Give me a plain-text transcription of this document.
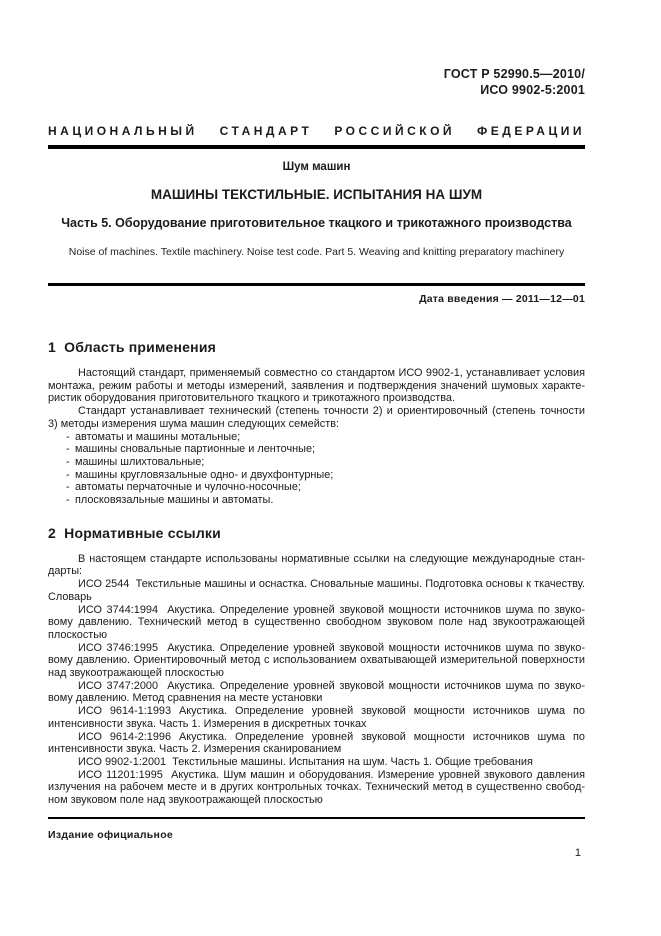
ГОСТ Р 52990.5—2010/
ИСО 9902-5:2001
НАЦИОНАЛЬНЫЙ СТАНДАРТ РОССИЙСКОЙ ФЕДЕРАЦИИ
Шум машин
МАШИНЫ ТЕКСТИЛЬНЫЕ. ИСПЫТАНИЯ НА ШУМ
Часть 5. Оборудование приготовительное ткацкого и трикотажного производства
Noise of machines. Textile machinery. Noise test code. Part 5. Weaving and knitting preparatory machinery
Дата введения — 2011—12—01
1  Область применения
Настоящий стандарт, применяемый совместно со стандартом ИСО 9902-1, устанавливает условия монтажа, режим работы и методы измерений, заявления и подтверждения значений шумовых характеристик оборудования приготовительного ткацкого и трикотажного производства.
Стандарт устанавливает технический (степень точности 2) и ориентировочный (степень точности 3) методы измерения шума машин следующих семейств:
- автоматы и машины мотальные;
- машины сновальные партионные и ленточные;
- машины шлихтовальные;
- машины кругловязальные одно- и двухфонтурные;
- автоматы перчаточные и чулочно-носочные;
- плосковязальные машины и автоматы.
2  Нормативные ссылки
В настоящем стандарте использованы нормативные ссылки на следующие международные стандарты:
ИСО 2544  Текстильные машины и оснастка. Сновальные машины. Подготовка основы к ткачеству. Словарь
ИСО 3744:1994  Акустика. Определение уровней звуковой мощности источников шума по звуковому давлению. Технический метод в существенно свободном звуковом поле над звукоотражающей плоскостью
ИСО 3746:1995  Акустика. Определение уровней звуковой мощности источников шума по звуковому давлению. Ориентировочный метод с использованием охватывающей измерительной поверхности над звукоотражающей плоскостью
ИСО 3747:2000  Акустика. Определение уровней звуковой мощности источников шума по звуковому давлению. Метод сравнения на месте установки
ИСО 9614-1:1993 Акустика. Определение уровней звуковой мощности источников шума по интенсивности звука. Часть 1. Измерения в дискретных точках
ИСО 9614-2:1996 Акустика. Определение уровней звуковой мощности источников шума по интенсивности звука. Часть 2. Измерения сканированием
ИСО 9902-1:2001  Текстильные машины. Испытания на шум. Часть 1. Общие требования
ИСО 11201:1995  Акустика. Шум машин и оборудования. Измерение уровней звукового давления излучения на рабочем месте и в других контрольных точках. Технический метод в существенно свободном звуковом поле над звукоотражающей плоскостью
Издание официальное
1
